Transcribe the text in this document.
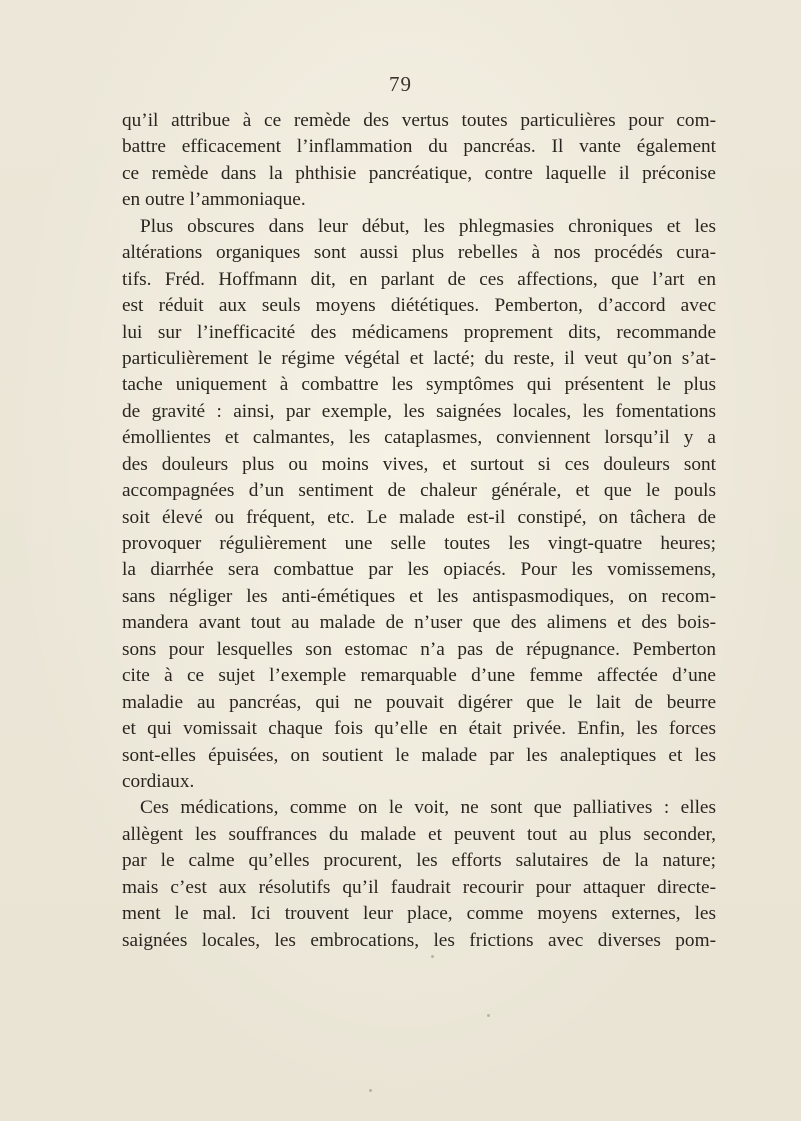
79
qu’il attribue à ce remède des vertus toutes particulières pour com-
battre efficacement l’inflammation du pancréas. Il vante également
ce remède dans la phthisie pancréatique, contre laquelle il préconise
en outre l’ammoniaque.
Plus obscures dans leur début, les phlegmasies chroniques et les
altérations organiques sont aussi plus rebelles à nos procédés cura-
tifs. Fréd. Hoffmann dit, en parlant de ces affections, que l’art en
est réduit aux seuls moyens diététiques. Pemberton, d’accord avec
lui sur l’inefficacité des médicamens proprement dits, recommande
particulièrement le régime végétal et lacté; du reste, il veut qu’on s’at-
tache uniquement à combattre les symptômes qui présentent le plus
de gravité : ainsi, par exemple, les saignées locales, les fomentations
émollientes et calmantes, les cataplasmes, conviennent lorsqu’il y a
des douleurs plus ou moins vives, et surtout si ces douleurs sont
accompagnées d’un sentiment de chaleur générale, et que le pouls
soit élevé ou fréquent, etc. Le malade est-il constipé, on tâchera de
provoquer régulièrement une selle toutes les vingt-quatre heures;
la diarrhée sera combattue par les opiacés. Pour les vomissemens,
sans négliger les anti-émétiques et les antispasmodiques, on recom-
mandera avant tout au malade de n’user que des alimens et des bois-
sons pour lesquelles son estomac n’a pas de répugnance. Pemberton
cite à ce sujet l’exemple remarquable d’une femme affectée d’une
maladie au pancréas, qui ne pouvait digérer que le lait de beurre
et qui vomissait chaque fois qu’elle en était privée. Enfin, les forces
sont-elles épuisées, on soutient le malade par les analeptiques et les
cordiaux.
Ces médications, comme on le voit, ne sont que palliatives : elles
allègent les souffrances du malade et peuvent tout au plus seconder,
par le calme qu’elles procurent, les efforts salutaires de la nature;
mais c’est aux résolutifs qu’il faudrait recourir pour attaquer directe-
ment le mal. Ici trouvent leur place, comme moyens externes, les
saignées locales, les embrocations, les frictions avec diverses pom-
